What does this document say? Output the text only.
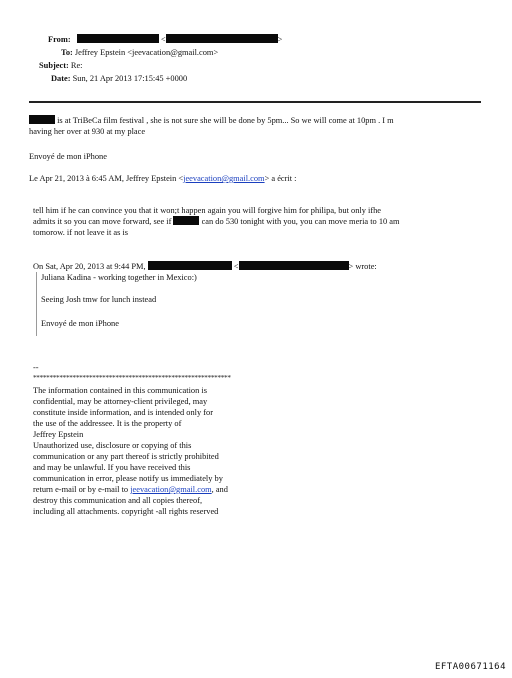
From:	<	>
To: Jeffrey Epstein <jeevacation@gmail.com>
Subject: Re:
Date: Sun, 21 Apr 2013 17:15:45 +0000
is at TriBeCa film festival , she is not sure she will be done by 5pm... So we will come at 10pm . I m
having her over at 930 at my place
Envoyé de mon iPhone
Le Apr 21, 2013 à 6:45 AM, Jeffrey Epstein <jeevacation@gmail.com> a écrit :
tell him if he can convince you that it won;t happen again you will forgive him for philipa, but only ifhe
admits it so you can move forward, see if	can do 530 tonight with you, you can move meria to 10 am
tomorow. if not leave it as is
On Sat, Apr 20, 2013 at 9:44 PM,	<	> wrote:
Juliana Kadina - working together in Mexico:)
Seeing Josh tmw for lunch instead
Envoyé de mon iPhone
--
************************************************************
The information contained in this communication is
confidential, may be attorney-client privileged, may
constitute inside information, and is intended only for
the use of the addressee. It is the property of
Jeffrey Epstein
Unauthorized use, disclosure or copying of this
communication or any part thereof is strictly prohibited
and may be unlawful. If you have received this
communication in error, please notify us immediately by
return e-mail or by e-mail to jeevacation@gmail.com, and
destroy this communication and all copies thereof,
including all attachments. copyright -all rights reserved
EFTA00671164
